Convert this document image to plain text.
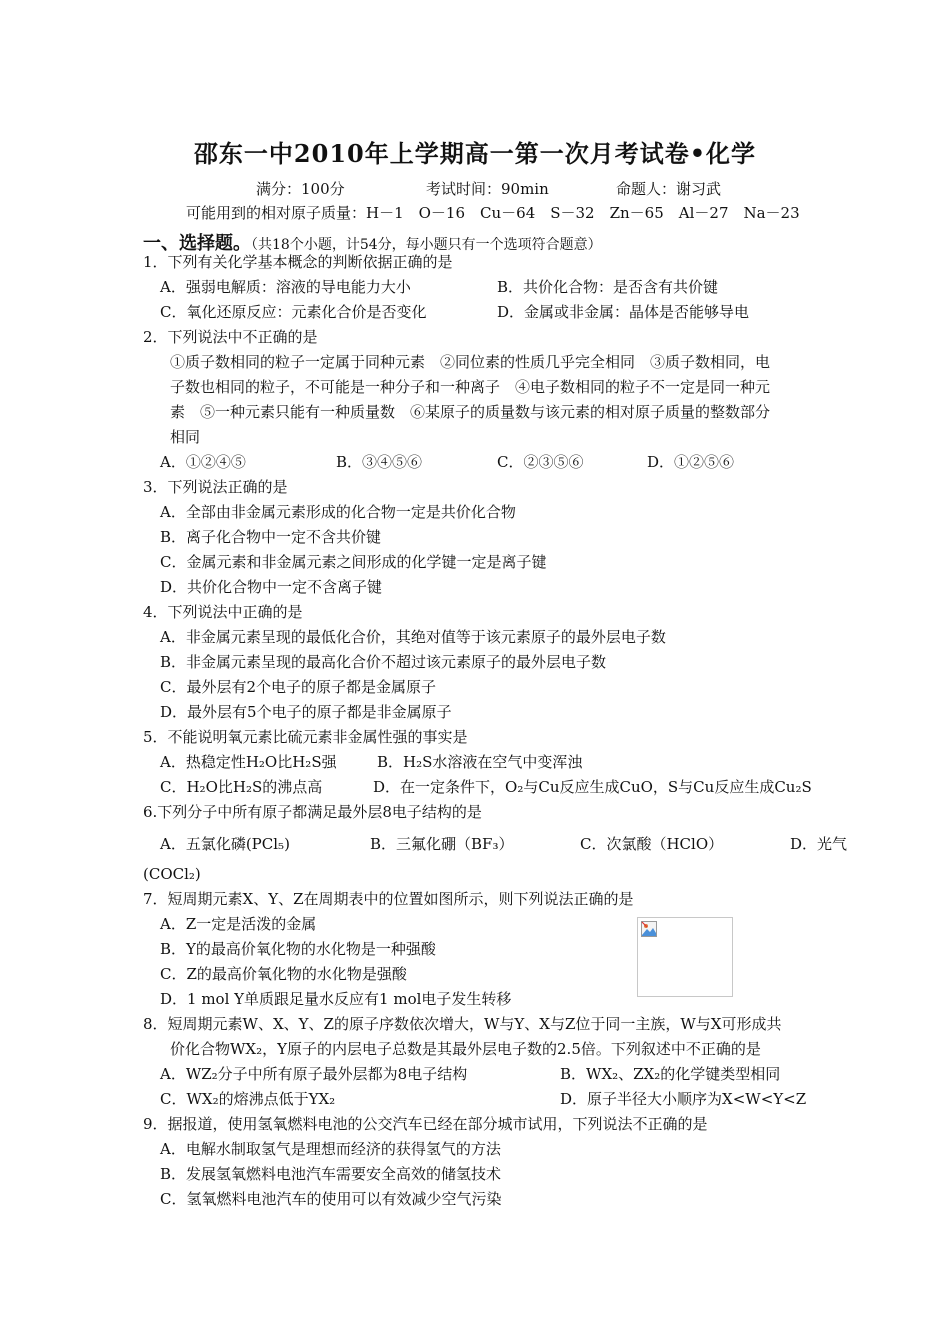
邵东一中2010年上学期高一第一次月考试卷•化学
满分：100分	考试时间：90min	命题人：谢习武
可能用到的相对原子质量：H－1　O－16　Cu－64　S－32　Zn－65　Al－27　Na－23
一、选择题。（共18个小题，计54分，每小题只有一个选项符合题意）
1．下列有关化学基本概念的判断依据正确的是
A．强弱电解质：溶液的导电能力大小	B．共价化合物：是否含有共价键
C．氧化还原反应：元素化合价是否变化	D．金属或非金属：晶体是否能够导电
2．下列说法中不正确的是
①质子数相同的粒子一定属于同种元素　②同位素的性质几乎完全相同　③质子数相同，电
子数也相同的粒子，不可能是一种分子和一种离子　④电子数相同的粒子不一定是同一种元
素　⑤一种元素只能有一种质量数　⑥某原子的质量数与该元素的相对原子质量的整数部分
相同
A．①②④⑤	B．③④⑤⑥	C．②③⑤⑥	D．①②⑤⑥
3．下列说法正确的是
A．全部由非金属元素形成的化合物一定是共价化合物
B．离子化合物中一定不含共价键
C．金属元素和非金属元素之间形成的化学键一定是离子键
D．共价化合物中一定不含离子键
4．下列说法中正确的是
A．非金属元素呈现的最低化合价，其绝对值等于该元素原子的最外层电子数
B．非金属元素呈现的最高化合价不超过该元素原子的最外层电子数
C．最外层有2个电子的原子都是金属原子
D．最外层有5个电子的原子都是非金属原子
5．不能说明氧元素比硫元素非金属性强的事实是
A．热稳定性H₂O比H₂S强	B．H₂S水溶液在空气中变浑浊
C．H₂O比H₂S的沸点高	D．在一定条件下，O₂与Cu反应生成CuO，S与Cu反应生成Cu₂S
6.下列分子中所有原子都满足最外层8电子结构的是
A．五氯化磷(PCl₅)	B．三氟化硼（BF₃）	C．次氯酸（HClO）	D．光气
(COCl₂)
7．短周期元素X、Y、Z在周期表中的位置如图所示，则下列说法正确的是
A．Z一定是活泼的金属
B．Y的最高价氧化物的水化物是一种强酸
C．Z的最高价氧化物的水化物是强酸
D．1 mol Y单质跟足量水反应有1 mol电子发生转移
8．短周期元素W、X、Y、Z的原子序数依次增大，W与Y、X与Z位于同一主族，W与X可形成共
价化合物WX₂，Y原子的内层电子总数是其最外层电子数的2.5倍。下列叙述中不正确的是
A．WZ₂分子中所有原子最外层都为8电子结构	B．WX₂、ZX₂的化学键类型相同
C．WX₂的熔沸点低于YX₂	D．原子半径大小顺序为X<W<Y<Z
9．据报道，使用氢氧燃料电池的公交汽车已经在部分城市试用，下列说法不正确的是
A．电解水制取氢气是理想而经济的获得氢气的方法
B．发展氢氧燃料电池汽车需要安全高效的储氢技术
C．氢氧燃料电池汽车的使用可以有效减少空气污染
